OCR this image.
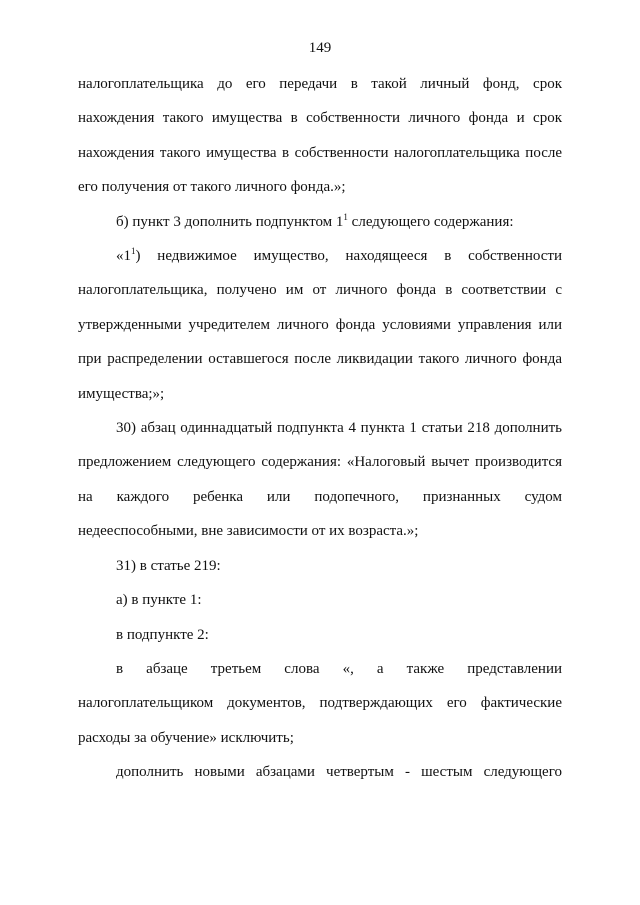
149

налогоплательщика до его передачи в такой личный фонд, срок нахождения такого имущества в собственности личного фонда и срок нахождения такого имущества в собственности налогоплательщика после его получения от такого личного фонда.»;

б) пункт 3 дополнить подпунктом $1^1$ следующего содержания:

«$1^1$) недвижимое имущество, находящееся в собственности налогоплательщика, получено им от личного фонда в соответствии с утвержденными учредителем личного фонда условиями управления или при распределении оставшегося после ликвидации такого личного фонда имущества;»;

30) абзац одиннадцатый подпункта 4 пункта 1 статьи 218 дополнить предложением следующего содержания: «Налоговый вычет производится на каждого ребенка или подопечного, признанных судом недееспособными, вне зависимости от их возраста.»;

31) в статье 219:

а) в пункте 1:

в подпункте 2:

в абзаце третьем слова «, а также представлении налогоплательщиком документов, подтверждающих его фактические расходы за обучение» исключить;

дополнить новыми абзацами четвертым - шестым следующего
